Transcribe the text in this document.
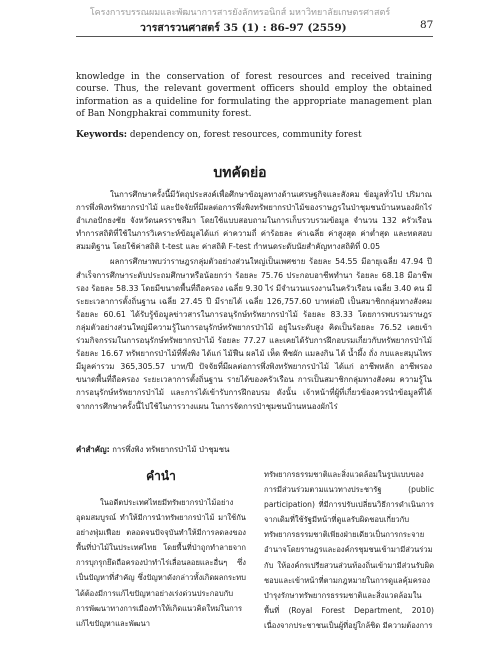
โครงการบรรณผมและพัฒนาการสารยังลักทรอนิกส์ มหาวิทยาลัยเกษตรศาสตร์
วารสารวนศาสตร์ 35 (1) : 86-97 (2559)	87

knowledge in the conservation of forest resources and received training course. Thus, the relevant goverment officers should employ the obtained information as a quideline for formulating the appropriate management plan of Ban Nongphakrai community forest.

Keywords: dependency on, forest resources, community forest

บทคัดย่อ

ในการศึกษาครั้งนี้มีวัตถุประสงค์เพื่อศึกษาข้อมูลทางด้านเศรษฐกิจและสังคม ข้อมูลทั่วไป ปริมาณการพึ่งพิงทรัพยากรป่าไม้ และปัจจัยที่มีผลต่อการพึ่งพิงทรัพยากรป่าไม้ของราษฎรในป่าชุมชนบ้านหนองผักไร่ อำเภอปักธงชัย จังหวัดนครราชสีมา โดยใช้แบบสอบถามในการเก็บรวบรวมข้อมูล จำนวน 132 ครัวเรือน ทำการสถิติที่ใช้ในการวิเคราะห์ข้อมูลได้แก่ ค่าความถี่ ค่าร้อยละ ค่าเฉลี่ย ค่าสูงสุด ค่าต่ำสุด และทดสอบสมมติฐาน โดยใช้ค่าสถิติ t-test และ ค่าสถิติ F-test กำหนดระดับนัยสำคัญทางสถิติที่ 0.05

ผลการศึกษาพบว่าราษฎรกลุ่มตัวอย่างส่วนใหญ่เป็นเพศชาย ร้อยละ 54.55 มีอายุเฉลี่ย 47.94 ปี สำเร็จการศึกษาระดับประถมศึกษาหรือน้อยกว่า ร้อยละ 75.76 ประกอบอาชีพทำนา ร้อยละ 68.18 มีอาชีพรอง ร้อยละ 58.33 โดยมีขนาดพื้นที่ถือครอง เฉลี่ย 9.30 ไร่ มีจำนวนแรงงานในครัวเรือน เฉลี่ย 3.40 คน มีระยะเวลาการตั้งถิ่นฐาน เฉลี่ย 27.45 ปี มีรายได้ เฉลี่ย 126,757.60 บาทต่อปี เป็นสมาชิกกลุ่มทางสังคม ร้อยละ 60.61 ได้รับรู้ข้อมูลข่าวสารในการอนุรักษ์ทรัพยากรป่าไม้ ร้อยละ 83.33 โดยการพบรวมราษฎรกลุ่มตัวอย่างส่วนใหญ่มีความรู้ในการอนุรักษ์ทรัพยากรป่าไม้ อยู่ในระดับสูง คิดเป็นร้อยละ 76.52 เคยเข้าร่วมกิจกรรมในการอนุรักษ์ทรัพยากรป่าไม้ ร้อยละ 77.27 และเคยได้รับการฝึกอบรมเกี่ยวกับทรัพยากรป่าไม้ ร้อยละ 16.67 ทรัพยากรป่าไม้ที่พึ่งพิง ได้แก่ ไม้ฟืน ผลไม้ เห็ด พืชผัก แมลงกิน ได้ น้ำผึ้ง ถั่ง กบและสมุนไพร มีมูลค่ารวม 365,305.57 บาท/ปี ปัจจัยที่มีผลต่อการพึ่งพิงทรัพยากรป่าไม้ ได้แก่ อาชีพหลัก อาชีพรอง ขนาดพื้นที่ถือครอง ระยะเวลาการตั้งถิ่นฐาน รายได้ของครัวเรือน การเป็นสมาชิกกลุ่มทางสังคม ความรู้ในการอนุรักษ์ทรัพยากรป่าไม้ และการได้เข้ารับการฝึกอบรม ดังนั้น เจ้าหน้าที่ผู้ที่เกี่ยวข้องควรนำข้อมูลที่ได้จากการศึกษาครั้งนี้ไปใช้ในการวางแผน ในการจัดการป่าชุมชนบ้านหนองผักไร่

คำสำคัญ: การพึ่งพิง ทรัพยากรป่าไม้ ป่าชุมชน

คำนำ

ในอดีตประเทศไทยมีทรัพยากรป่าไม้อย่างอุดมสมบูรณ์ ทำให้มีการนำทรัพยากรป่าไม้ มาใช้กันอย่างฟุ่มเฟือย ตลอดจนปัจจุบันทำให้มีการลดลงของพื้นที่ป่าไม้ในประเทศไทย โดยพื้นที่ป่าถูกทำลายจากการบุกรุกยึดถือครองป่าทำไร่เลื่อนลอยและอื่นๆ ซึ่งเป็นปัญหาที่สำคัญ ซึ่งปัญหาดังกล่าวทั้งเกิดผลกระทบได้ต้องมีการแก้ไขปัญหาอย่างเร่งด่วนประกอบกับการพัฒนาทางการเมืองทำให้เกิดแนวคิดใหม่ในการแก้ไขปัญหาและพัฒนา

ทรัพยากรธรรมชาติและสิ่งแวดล้อมในรูปแบบของการมีส่วนร่วมตามแนวทางประชารัฐ (public participation) ที่มีการปรับเปลี่ยนวิธีการดำเนินการจากเดิมที่ใช้รัฐมีหน้าที่ดูแลรับผิดชอบเกี่ยวกับทรัพยากรธรรมชาติเพียงฝ่ายเดียวเป็นการกระจายอำนาจโดยราษฎรและองค์กรชุมชนเข้ามามีส่วนร่วมกับ ให้องค์กรเปรียสวนส่วนท้องถิ่นเข้ามามีส่วนรับผิดชอบและเข้าหน้าที่ตามกฎหมายในการดูแลคุ้มครองบำรุงรักษาทรัพยากรธรรมชาติและสิ่งแวดล้อมในพื้นที่ (Royal Forest Department, 2010) เนื่องจากประชาชนเป็นผู้ที่อยู่ใกล้ชิด มีความต้องการ
